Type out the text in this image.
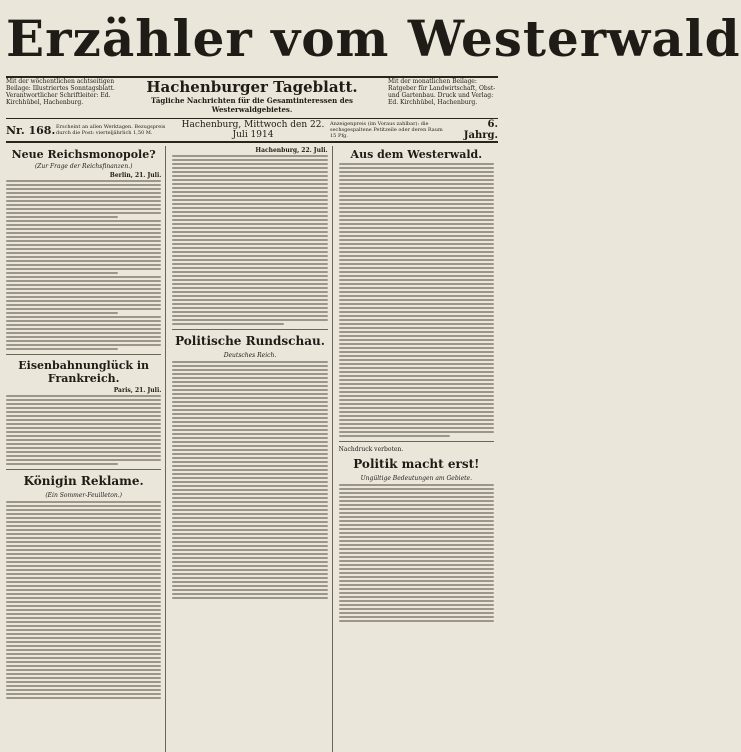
Erzähler vom Westerwald
Mit der wöchentlichen achtseitigen Beilage: Illustriertes Sonntagsblatt. Verantwortlicher Schriftleiter: Ed. Kirchhübel, Hachenburg.
Hachenburger Tageblatt.
Tägliche Nachrichten für die Gesamtinteressen des Westerwaldgebietes.
Mit der monatlichen Beilage: Ratgeber für Landwirtschaft, Obst- und Gartenbau. Druck und Verlag: Ed. Kirchhübel, Hachenburg.
Nr. 168. Erscheint an allen Werktagen. Bezugspreis durch die Post: vierteljährlich 1,50 M.
Hachenburg, Mittwoch den 22. Juli 1914
Anzeigenpreis (im Voraus zahlbar): die sechsgespaltene Petitzeile oder deren Raum 15 Pfg.
6. Jahrg.
Neue Reichsmonopole?
(Zur Frage der Reichsfinanzen.)
Berlin, 21. Juli.
Eisenbahnunglück in Frankreich.
Paris, 21. Juli.
Königin Reklame.
(Ein Sommer-Feuilleton.)
Hachenburg, 22. Juli.
Politische Rundschau.
Deutsches Reich.
Aus dem Westerwald.
Nachdruck verboten.
Politik macht erst!
Ungültige Bedeutungen am Gebiete.
